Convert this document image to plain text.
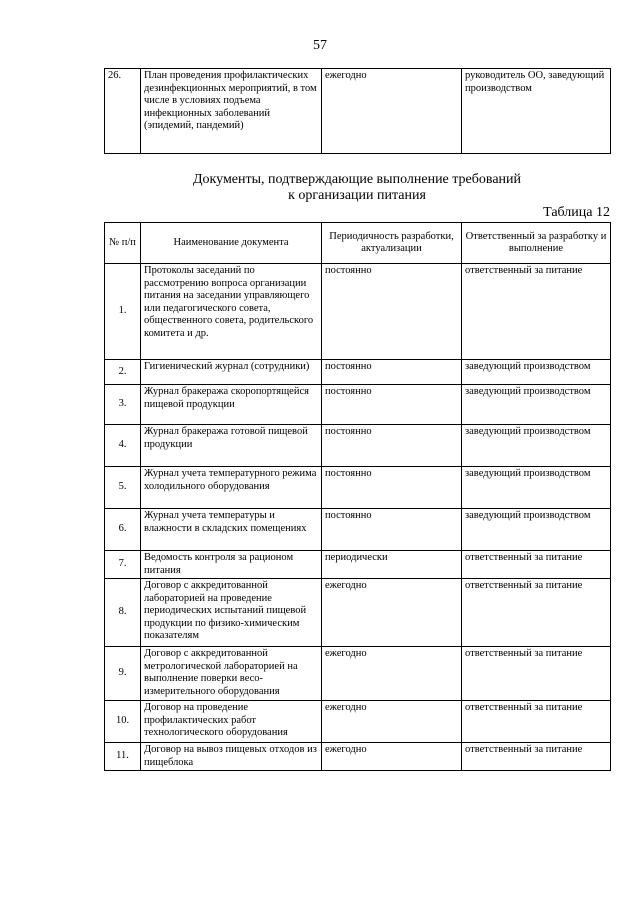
57
26.	План проведения профилактических дезинфекционных мероприятий, в том числе в условиях подъема инфекционных заболеваний (эпидемий, пандемий)	ежегодно	руководитель ОО, заведующий производством
Документы, подтверждающие выполнение требований
к организации питания
Таблица 12
№ п/п	Наименование документа	Периодичность разработки, актуализации	Ответственный за разработку и выполнение
1.	Протоколы заседаний по рассмотрению вопроса организации питания на заседании управляющего или педагогического совета, общественного совета, родительского комитета и др.	постоянно	ответственный за питание
2.	Гигиенический журнал (сотрудники)	постоянно	заведующий производством
3.	Журнал бракеража скоропортящейся пищевой продукции	постоянно	заведующий производством
4.	Журнал бракеража готовой пищевой продукции	постоянно	заведующий производством
5.	Журнал учета температурного режима холодильного оборудования	постоянно	заведующий производством
6.	Журнал учета температуры и влажности в складских помещениях	постоянно	заведующий производством
7.	Ведомость контроля за рационом питания	периодически	ответственный за питание
8.	Договор с аккредитованной лабораторией на проведение периодических испытаний пищевой продукции по физико-химическим показателям	ежегодно	ответственный за питание
9.	Договор с аккредитованной метрологической лабораторией на выполнение поверки весо-измерительного оборудования	ежегодно	ответственный за питание
10.	Договор на проведение профилактических работ технологического оборудования	ежегодно	ответственный за питание
11.	Договор на вывоз пищевых отходов из пищеблока	ежегодно	ответственный за питание
